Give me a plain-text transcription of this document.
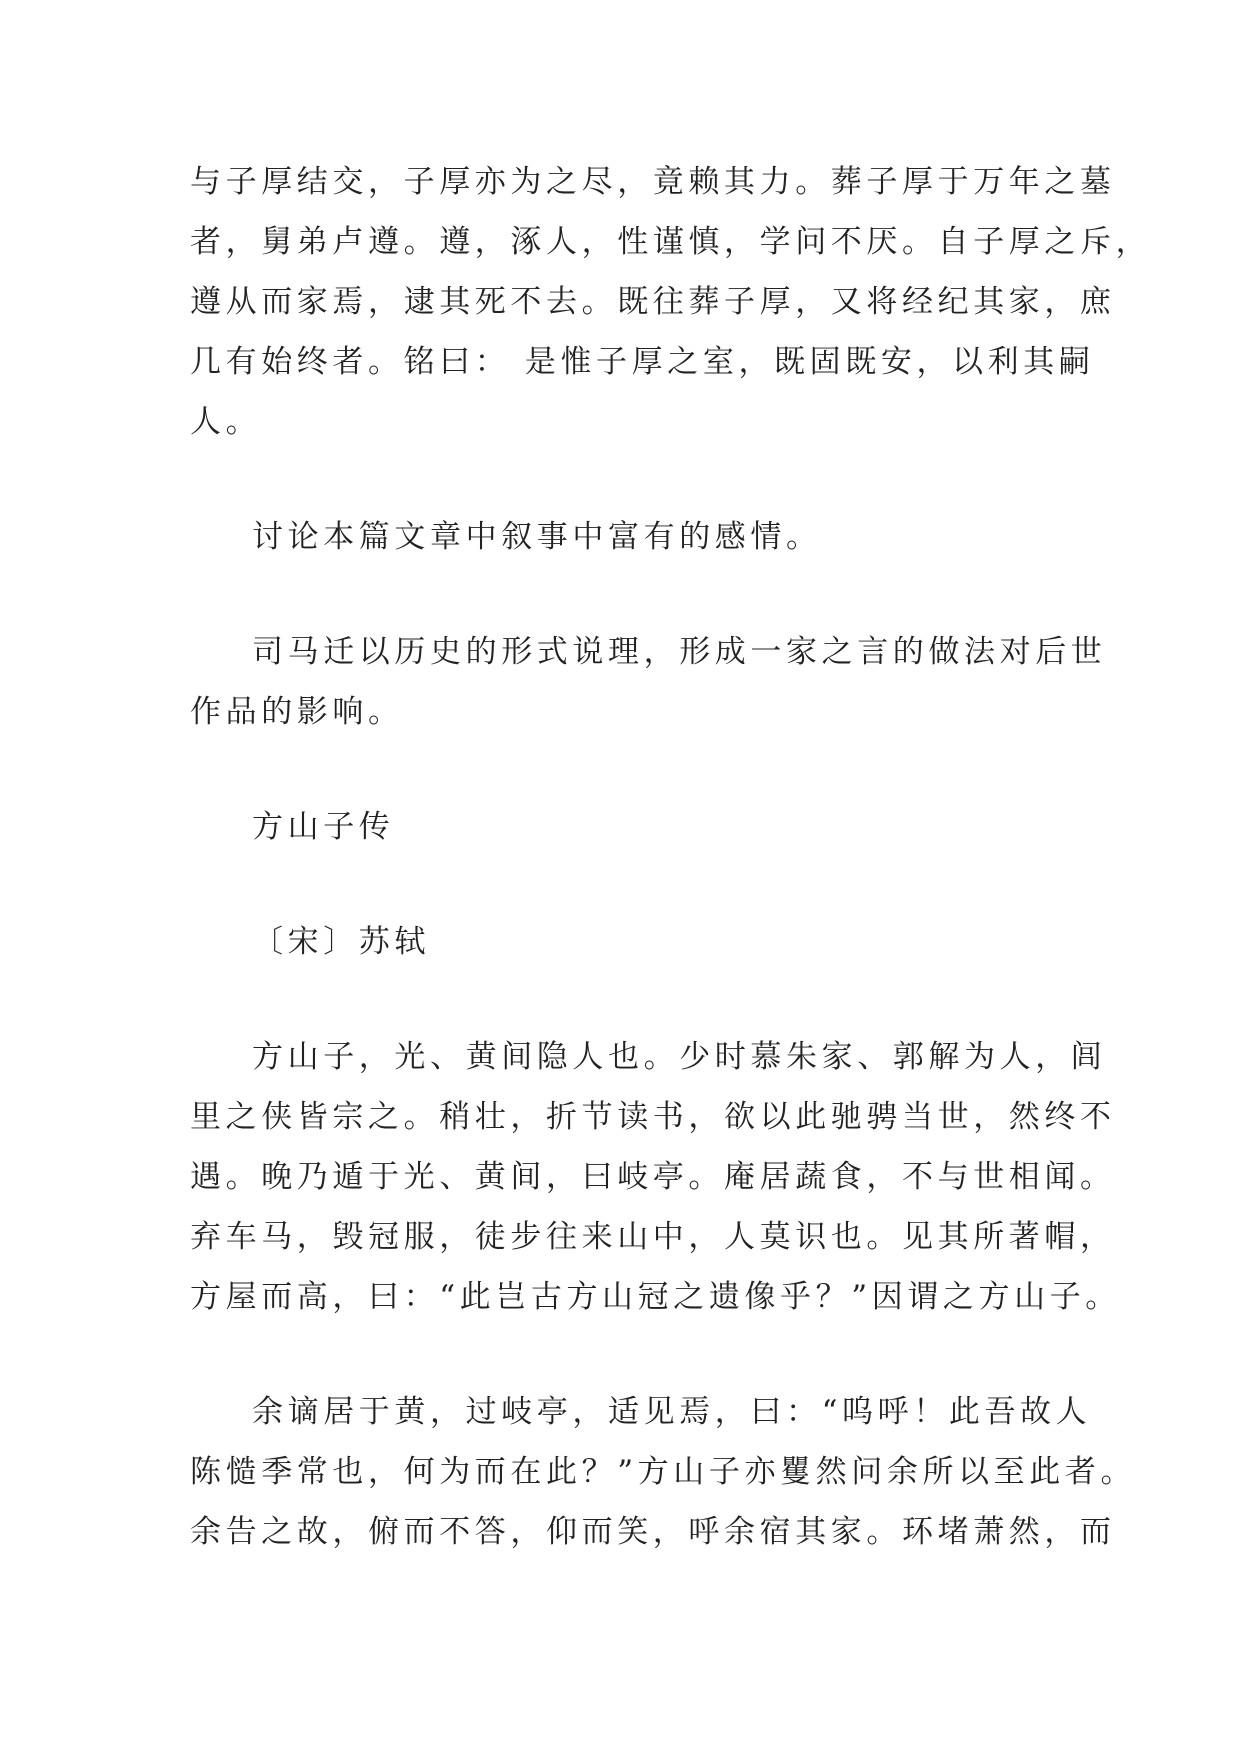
与子厚结交，子厚亦为之尽，竟赖其力。葬子厚于万年之墓
者，舅弟卢遵。遵，涿人，性谨慎，学问不厌。自子厚之斥，
遵从而家焉，逮其死不去。既往葬子厚，又将经纪其家，庶
几有始终者。铭曰： 是惟子厚之室，既固既安，以利其嗣
人。

讨论本篇文章中叙事中富有的感情。

司马迁以历史的形式说理，形成一家之言的做法对后世
作品的影响。

方山子传

〔宋〕苏轼

方山子，光、黄间隐人也。少时慕朱家、郭解为人，闾
里之侠皆宗之。稍壮，折节读书，欲以此驰骋当世，然终不
遇。晚乃遁于光、黄间，曰岐亭。庵居蔬食，不与世相闻。
弃车马，毁冠服，徒步往来山中，人莫识也。见其所著帽，
方屋而高，曰：“此岂古方山冠之遗像乎？”因谓之方山子。

余谪居于黄，过岐亭，适见焉，曰：“呜呼！此吾故人
陈慥季常也，何为而在此？”方山子亦矍然问余所以至此者。
余告之故，俯而不答，仰而笑，呼余宿其家。环堵萧然，而
